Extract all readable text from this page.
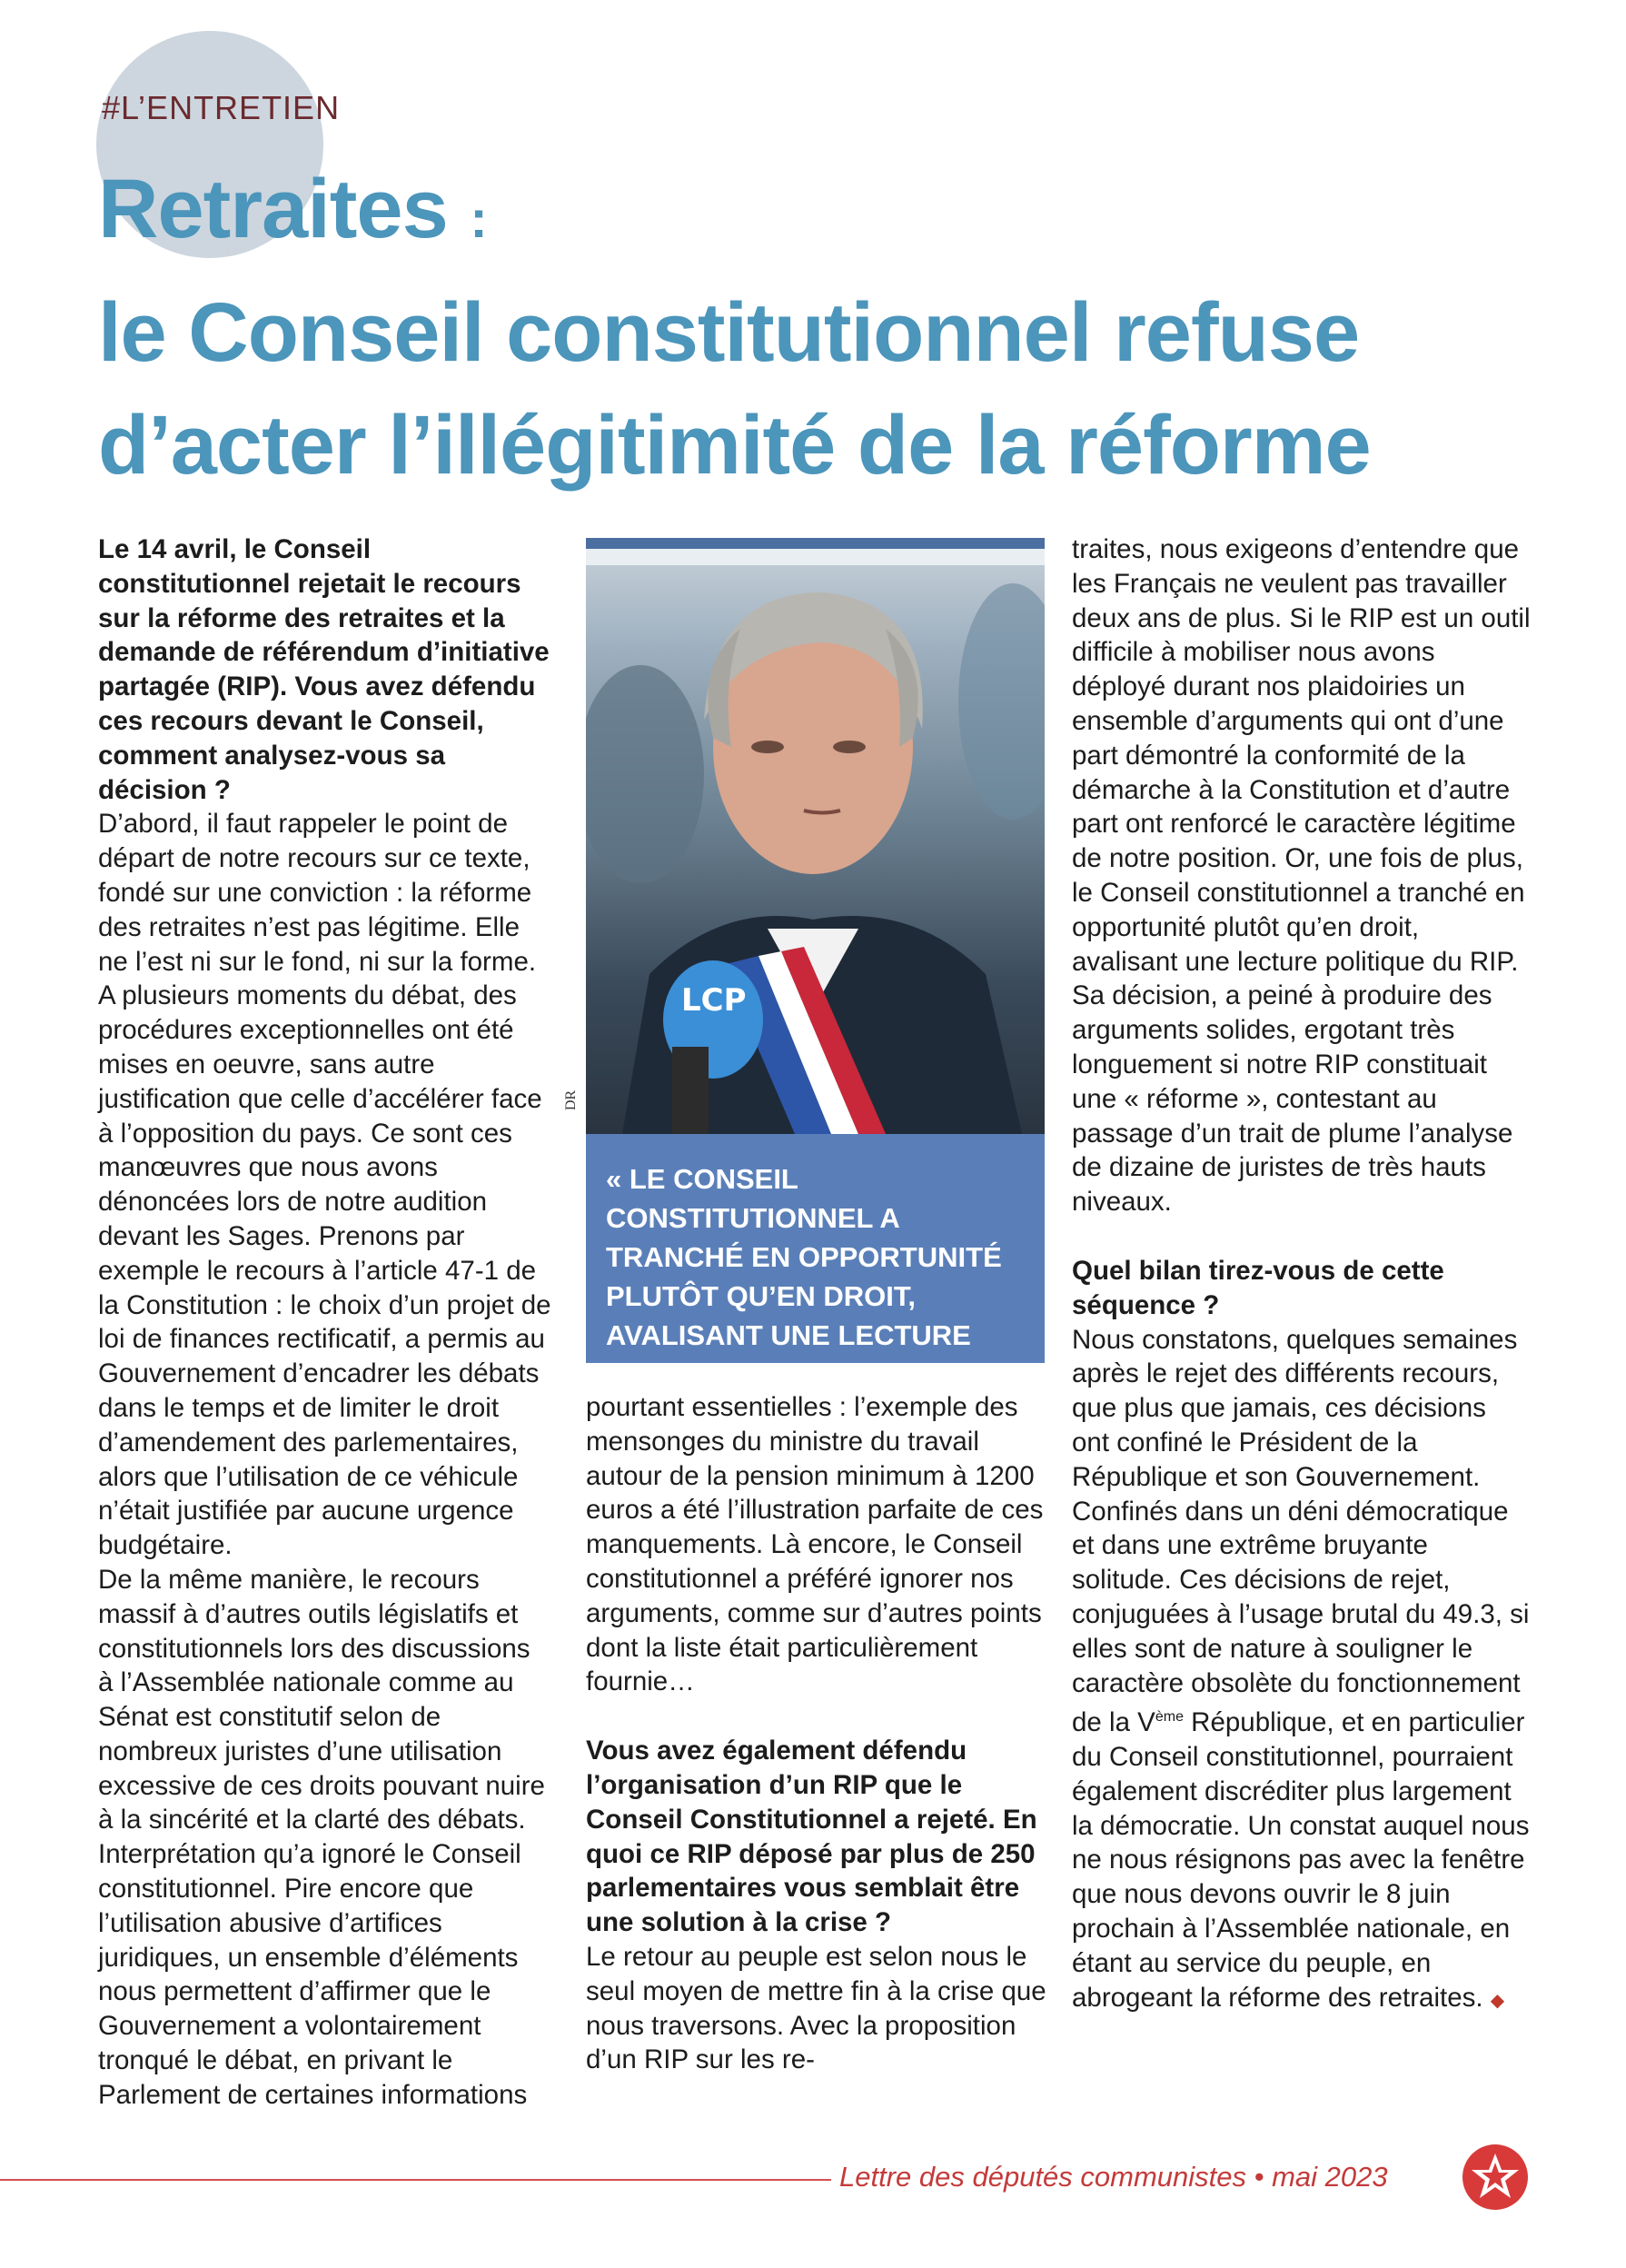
#L’ENTRETIEN
Retraites :
le Conseil constitutionnel refuse
d’acter l’illégitimité de la réforme

Le 14 avril, le Conseil constitutionnel rejetait le recours sur la réforme des retraites et la demande de référendum d’initiative partagée (RIP). Vous avez défendu ces recours devant le Conseil, comment analysez-vous sa décision ?

D’abord, il faut rappeler le point de départ de notre recours sur ce texte, fondé sur une conviction : la réforme des retraites n’est pas légitime. Elle ne l’est ni sur le fond, ni sur la forme. A plusieurs moments du débat, des procédures exceptionnelles ont été mises en oeuvre, sans autre justification que celle d’accélérer face à l’opposition du pays. Ce sont ces manœuvres que nous avons dénoncées lors de notre audition devant les Sages. Prenons par exemple le recours à l’article 47-1 de la Constitution : le choix d’un projet de loi de finances rectificatif, a permis au Gouvernement d’encadrer les débats dans le temps et de limiter le droit d’amendement des parlementaires, alors que l’utilisation de ce véhicule n’était justifiée par aucune urgence budgétaire.

De la même manière, le recours massif à d’autres outils législatifs et constitutionnels lors des discussions à l’Assemblée nationale comme au Sénat est constitutif selon de nombreux juristes d’une utilisation excessive de ces droits pouvant nuire à la sincérité et la clarté des débats. Interprétation qu’a ignoré le Conseil constitutionnel. Pire encore que l’utilisation abusive d’artifices juridiques, un ensemble d’éléments nous permettent d’affirmer que le Gouvernement a volontairement tronqué le débat, en privant le Parlement de certaines informations

LCP
DR
« LE CONSEIL CONSTITUTIONNEL A TRANCHÉ EN OPPORTUNITÉ PLUTÔT QU’EN DROIT, AVALISANT UNE LECTURE POLITIQUE DU RIP. »

pourtant essentielles : l’exemple des mensonges du ministre du travail autour de la pension minimum à 1200 euros a été l’illustration parfaite de ces manquements. Là encore, le Conseil constitutionnel a préféré ignorer nos arguments, comme sur d’autres points dont la liste était particulièrement fournie…

Vous avez également défendu l’organisation d’un RIP que le Conseil Constitutionnel a rejeté. En quoi ce RIP déposé par plus de 250 parlementaires vous semblait être une solution à la crise ?

Le retour au peuple est selon nous le seul moyen de mettre fin à la crise que nous traversons. Avec la proposition d’un RIP sur les re-

traites, nous exigeons d’entendre que les Français ne veulent pas travailler deux ans de plus. Si le RIP est un outil difficile à mobiliser nous avons déployé durant nos plaidoiries un ensemble d’arguments qui ont d’une part démontré la conformité de la démarche à la Constitution et d’autre part ont renforcé le caractère légitime de notre position. Or, une fois de plus, le Conseil constitutionnel a tranché en opportunité plutôt qu’en droit, avalisant une lecture politique du RIP. Sa décision, a peiné à produire des arguments solides, ergotant très longuement si notre RIP constituait une « réforme », contestant au passage d’un trait de plume l’analyse de dizaine de juristes de très hauts niveaux.

Quel bilan tirez-vous de cette séquence ?

Nous constatons, quelques semaines après le rejet des différents recours, que plus que jamais, ces décisions ont confiné le Président de la République et son Gouvernement. Confinés dans un déni démocratique et dans une extrême bruyante solitude. Ces décisions de rejet, conjuguées à l’usage brutal du 49.3, si elles sont de nature à souligner le caractère obsolète du fonctionnement de la Vème République, et en particulier du Conseil constitutionnel, pourraient également discréditer plus largement la démocratie. Un constat auquel nous ne nous résignons pas avec la fenêtre que nous devons ouvrir le 8 juin prochain à l’Assemblée nationale, en étant au service du peuple, en abrogeant la réforme des retraites. ◆

Lettre des députés communistes • mai 2023
